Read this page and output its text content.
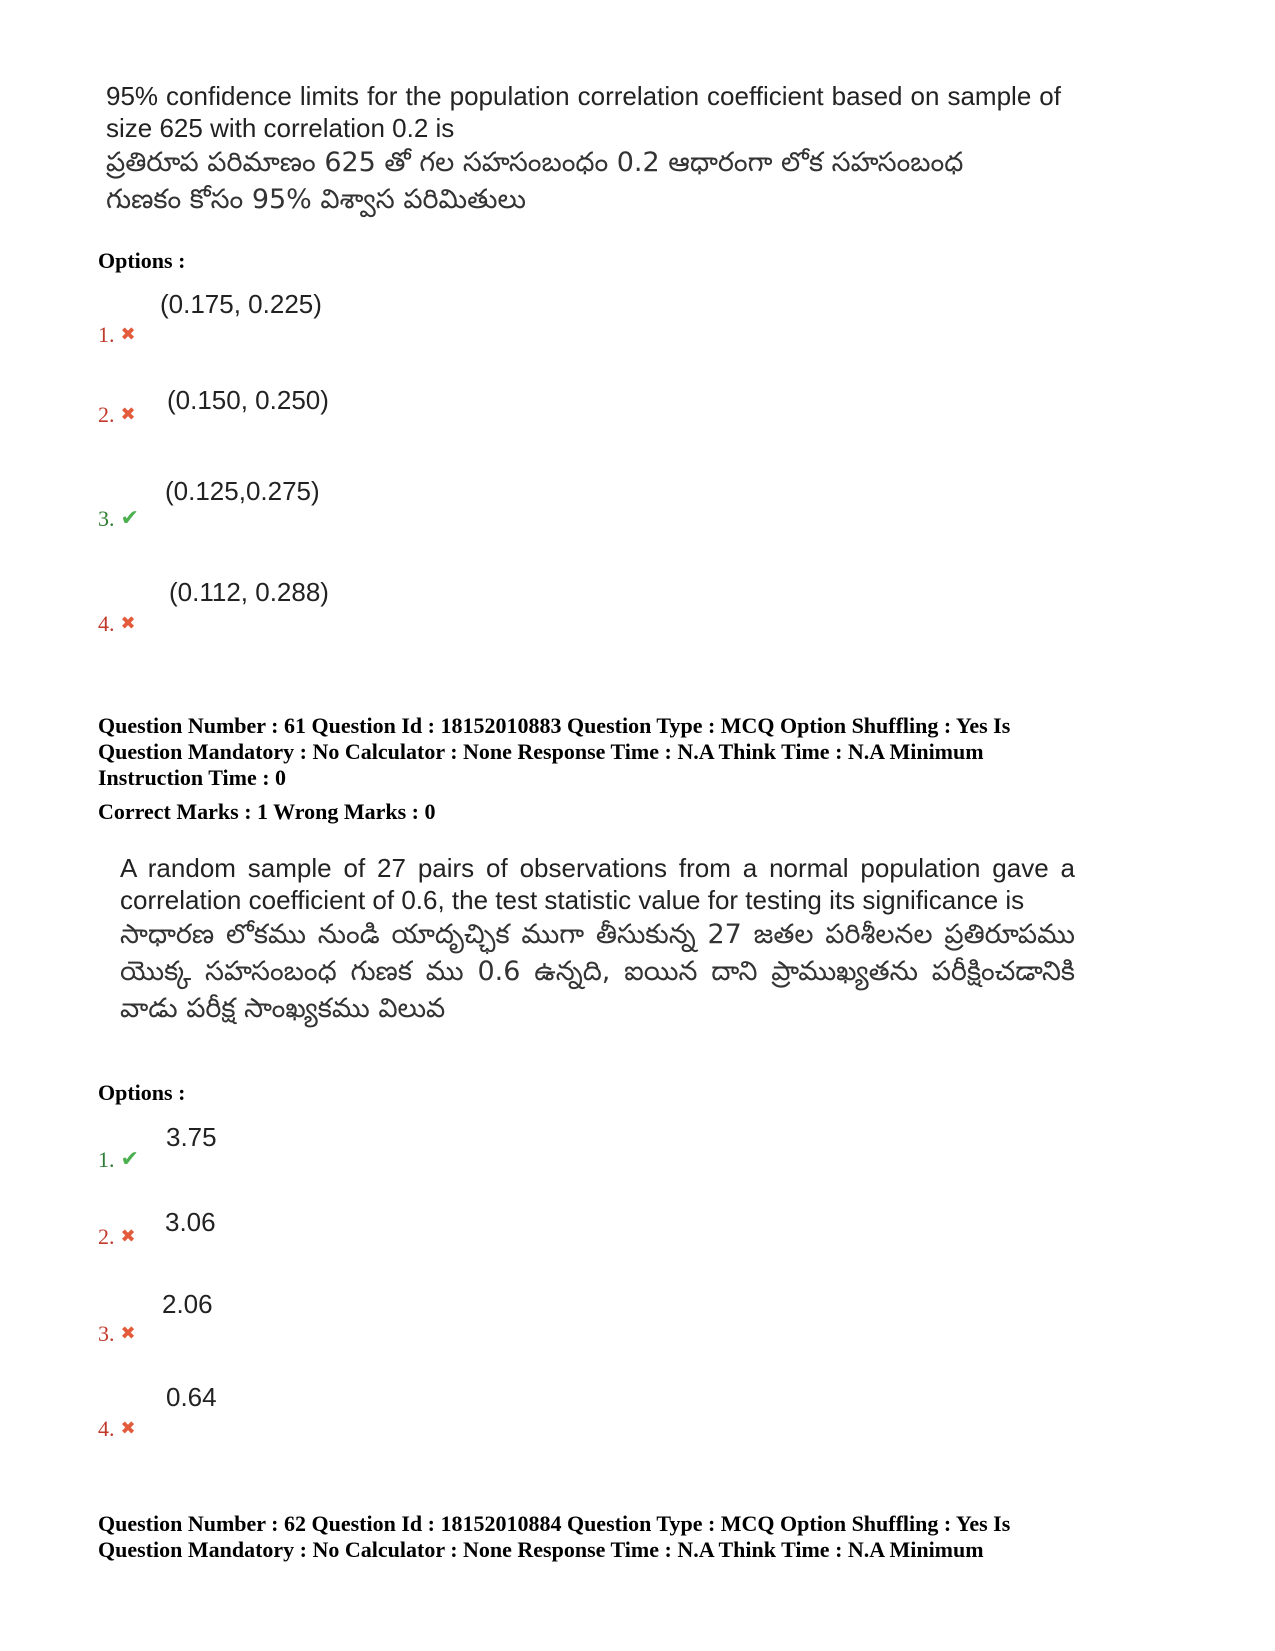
95% confidence limits for the population correlation coefficient based on sample of size 625 with correlation 0.2 is
ప్రతిరూప పరిమాణం 625 తో గల సహసంబంధం 0.2 ఆధారంగా లోక సహసంబంధ గుణకం కోసం 95% విశ్వాస పరిమితులు
Options :
(0.175, 0.225)
1. ✖
(0.150, 0.250)
2. ✖
(0.125,0.275)
3. ✔
(0.112, 0.288)
4. ✖
Question Number : 61 Question Id : 18152010883 Question Type : MCQ Option Shuffling : Yes Is
Question Mandatory : No Calculator : None Response Time : N.A Think Time : N.A Minimum
Instruction Time : 0
Correct Marks : 1 Wrong Marks : 0
A random sample of 27 pairs of observations from a normal population gave a correlation coefficient of 0.6, the test statistic value for testing its significance is
సాధారణ లోకము నుండి యాదృచ్ఛిక ముగా తీసుకున్న 27 జతల పరిశీలనల ప్రతిరూపము యొక్క సహసంబంధ గుణక ము 0.6 ఉన్నది, ఐయిన దాని ప్రాముఖ్యతను పరీక్షించడానికి వాడు పరీక్ష సాంఖ్యకము విలువ
Options :
3.75
1. ✔
3.06
2. ✖
2.06
3. ✖
0.64
4. ✖
Question Number : 62 Question Id : 18152010884 Question Type : MCQ Option Shuffling : Yes Is
Question Mandatory : No Calculator : None Response Time : N.A Think Time : N.A Minimum
